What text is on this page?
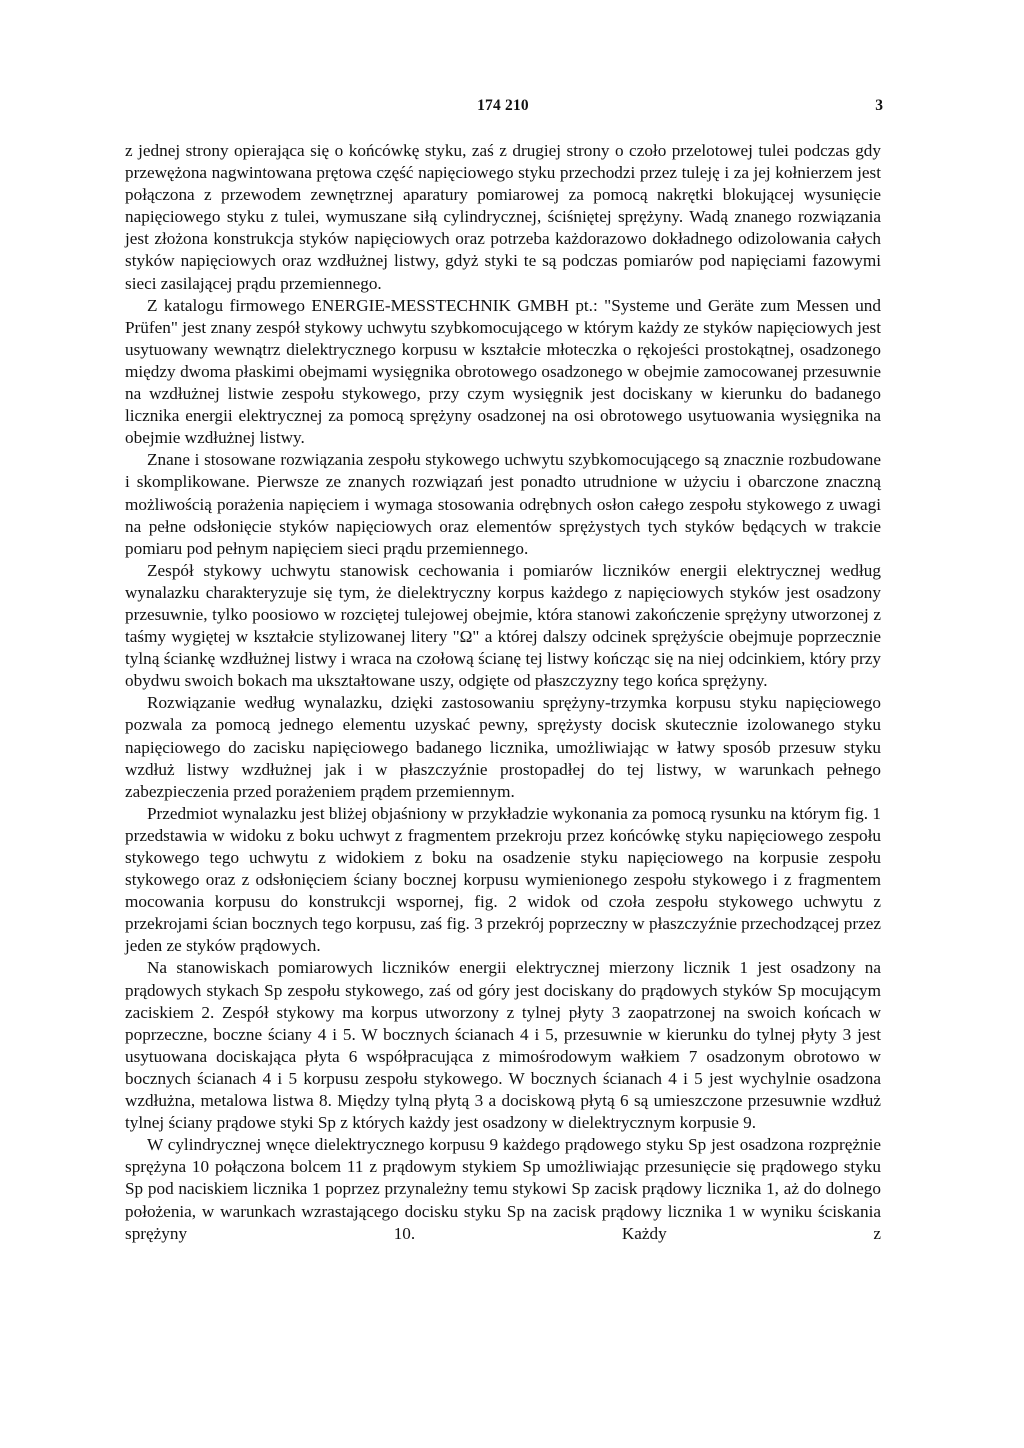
174 210	3

z jednej strony opierająca się o końcówkę styku, zaś z drugiej strony o czoło przelotowej tulei podczas gdy przewężona nagwintowana prętowa część napięciowego styku przechodzi przez tuleję i za jej kołnierzem jest połączona z przewodem zewnętrznej aparatury pomiarowej za pomocą nakrętki blokującej wysunięcie napięciowego styku z tulei, wymuszane siłą cylindrycznej, ściśniętej sprężyny. Wadą znanego rozwiązania jest złożona konstrukcja styków napięciowych oraz potrzeba każdorazowo dokładnego odizolowania całych styków napięciowych oraz wzdłużnej listwy, gdyż styki te są podczas pomiarów pod napięciami fazowymi sieci zasilającej prądu przemiennego.

Z katalogu firmowego ENERGIE-MESSTECHNIK GMBH pt.: "Systeme und Geräte zum Messen und Prüfen" jest znany zespół stykowy uchwytu szybkomocującego w którym każdy ze styków napięciowych jest usytuowany wewnątrz dielektrycznego korpusu w kształcie młoteczka o rękojeści prostokątnej, osadzonego między dwoma płaskimi obejmami wysięgnika obrotowego osadzonego w obejmie zamocowanej przesuwnie na wzdłużnej listwie zespołu stykowego, przy czym wysięgnik jest dociskany w kierunku do badanego licznika energii elektrycznej za pomocą sprężyny osadzonej na osi obrotowego usytuowania wysięgnika na obejmie wzdłużnej listwy.

Znane i stosowane rozwiązania zespołu stykowego uchwytu szybkomocującego są znacznie rozbudowane i skomplikowane. Pierwsze ze znanych rozwiązań jest ponadto utrudnione w użyciu i obarczone znaczną możliwością porażenia napięciem i wymaga stosowania odrębnych osłon całego zespołu stykowego z uwagi na pełne odsłonięcie styków napięciowych oraz elementów sprężystych tych styków będących w trakcie pomiaru pod pełnym napięciem sieci prądu przemiennego.

Zespół stykowy uchwytu stanowisk cechowania i pomiarów liczników energii elektrycznej według wynalazku charakteryzuje się tym, że dielektryczny korpus każdego z napięciowych styków jest osadzony przesuwnie, tylko poosiowo w rozciętej tulejowej obejmie, która stanowi zakończenie sprężyny utworzonej z taśmy wygiętej w kształcie stylizowanej litery "Ω" a której dalszy odcinek sprężyście obejmuje poprzecznie tylną ściankę wzdłużnej listwy i wraca na czołową ścianę tej listwy kończąc się na niej odcinkiem, który przy obydwu swoich bokach ma ukształtowane uszy, odgięte od płaszczyzny tego końca sprężyny.

Rozwiązanie według wynalazku, dzięki zastosowaniu sprężyny-trzymka korpusu styku napięciowego pozwala za pomocą jednego elementu uzyskać pewny, sprężysty docisk skutecznie izolowanego styku napięciowego do zacisku napięciowego badanego licznika, umożliwiając w łatwy sposób przesuw styku wzdłuż listwy wzdłużnej jak i w płaszczyźnie prostopadłej do tej listwy, w warunkach pełnego zabezpieczenia przed porażeniem prądem przemiennym.

Przedmiot wynalazku jest bliżej objaśniony w przykładzie wykonania za pomocą rysunku na którym fig. 1 przedstawia w widoku z boku uchwyt z fragmentem przekroju przez końcówkę styku napięciowego zespołu stykowego tego uchwytu z widokiem z boku na osadzenie styku napięciowego na korpusie zespołu stykowego oraz z odsłonięciem ściany bocznej korpusu wymienionego zespołu stykowego i z fragmentem mocowania korpusu do konstrukcji wspornej, fig. 2 widok od czoła zespołu stykowego uchwytu z przekrojami ścian bocznych tego korpusu, zaś fig. 3 przekrój poprzeczny w płaszczyźnie przechodzącej przez jeden ze styków prądowych.

Na stanowiskach pomiarowych liczników energii elektrycznej mierzony licznik 1 jest osadzony na prądowych stykach Sp zespołu stykowego, zaś od góry jest dociskany do prądowych styków Sp mocującym zaciskiem 2. Zespół stykowy ma korpus utworzony z tylnej płyty 3 zaopatrzonej na swoich końcach w poprzeczne, boczne ściany 4 i 5. W bocznych ścianach 4 i 5, przesuwnie w kierunku do tylnej płyty 3 jest usytuowana dociskająca płyta 6 współpracująca z mimośrodowym wałkiem 7 osadzonym obrotowo w bocznych ścianach 4 i 5 korpusu zespołu stykowego. W bocznych ścianach 4 i 5 jest wychylnie osadzona wzdłużna, metalowa listwa 8. Między tylną płytą 3 a dociskową płytą 6 są umieszczone przesuwnie wzdłuż tylnej ściany prądowe styki Sp z których każdy jest osadzony w dielektrycznym korpusie 9.

W cylindrycznej wnęce dielektrycznego korpusu 9 każdego prądowego styku Sp jest osadzona rozprężnie sprężyna 10 połączona bolcem 11 z prądowym stykiem Sp umożliwiając przesunięcie się prądowego styku Sp pod naciskiem licznika 1 poprzez przynależny temu stykowi Sp zacisk prądowy licznika 1, aż do dolnego położenia, w warunkach wzrastającego docisku styku Sp na zacisk prądowy licznika 1 w wyniku ściskania sprężyny 10. Każdy z
